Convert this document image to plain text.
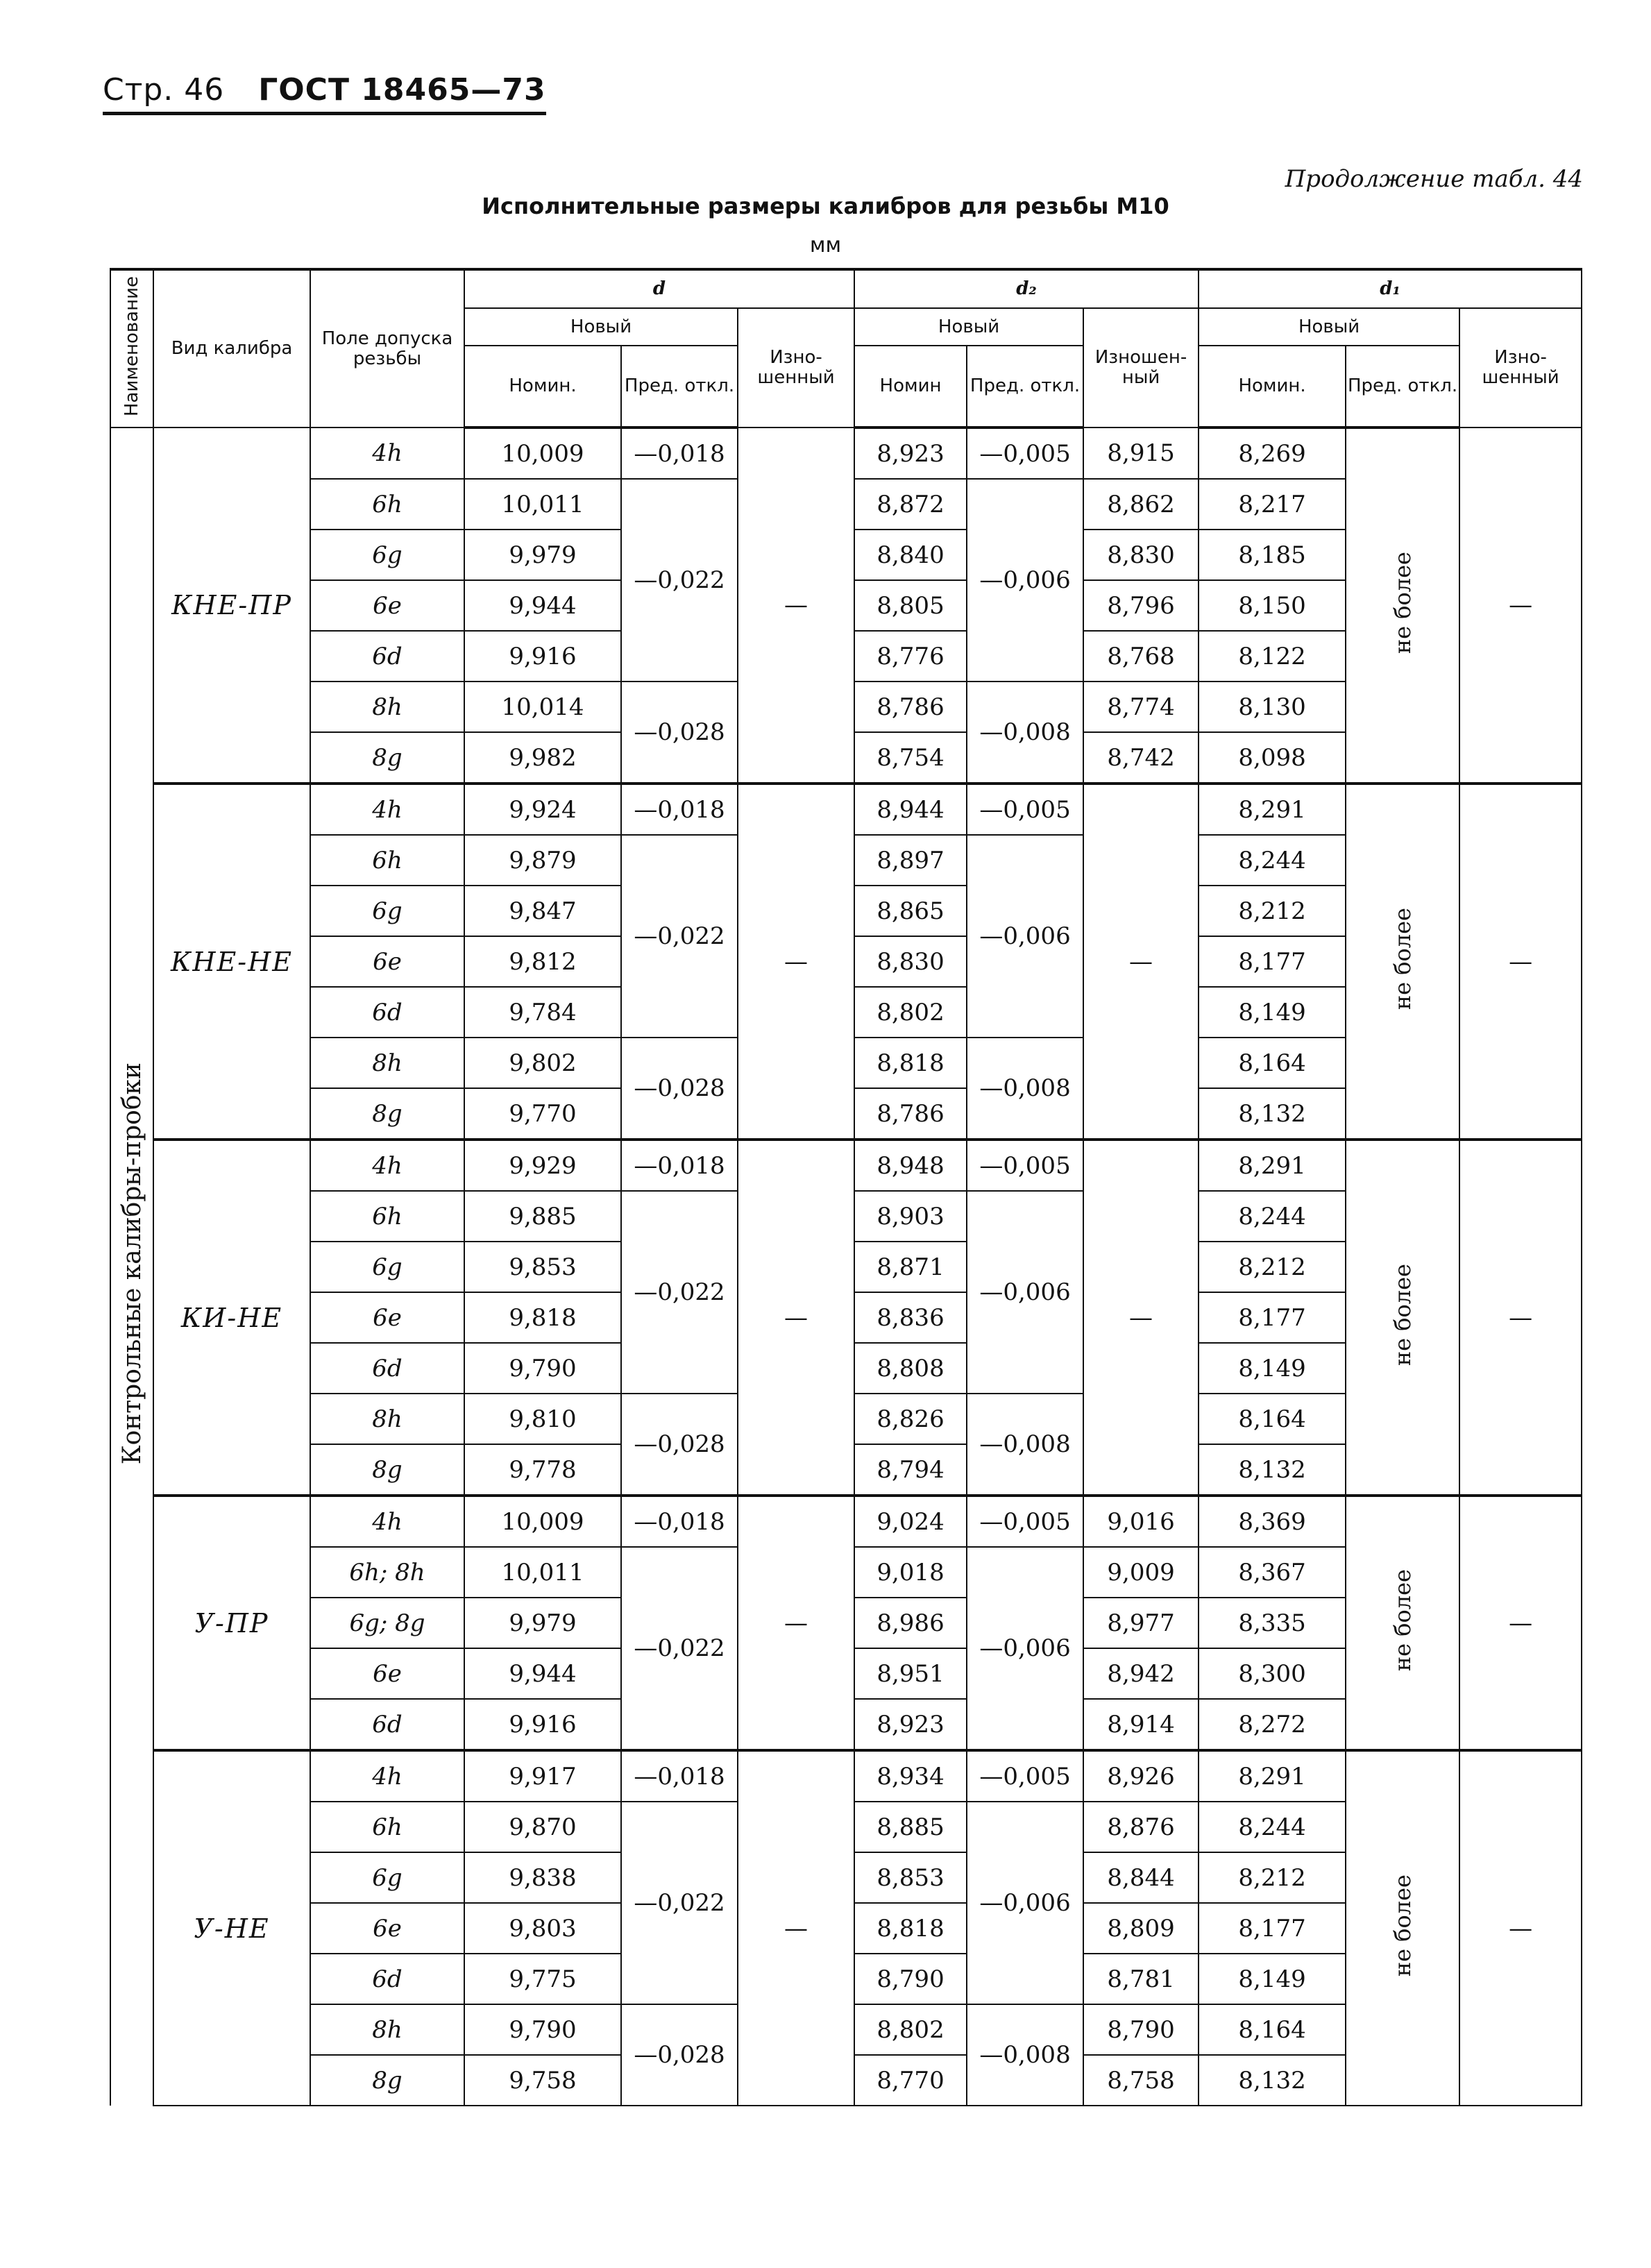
Стр. 46 ГОСТ 18465—73
Продолжение табл. 44
Исполнительные размеры калибров для резьбы М10
мм
Наименование	Вид калибра	Поле допуска резьбы	d			d₂			d₁		
			Новый		Изно-шенный	Новый		Изношен-ный	Новый		Изно-шенный
			Номин.	Пред. откл.		Номин	Пред. откл.		Номин.	Пред. откл.	
Контрольные калибры-пробки	КНЕ-ПР	4h	10,009	—0,018	—	8,923	—0,005	8,915	8,269	не более	—
		6h	10,011	—0,022		8,872	—0,006	8,862	8,217		
		6g	9,979			8,840		8,830	8,185		
		6e	9,944			8,805		8,796	8,150		
		6d	9,916			8,776		8,768	8,122		
		8h	10,014	—0,028		8,786	—0,008	8,774	8,130		
		8g	9,982			8,754		8,742	8,098		
	КНЕ-НЕ	4h	9,924	—0,018	—	8,944	—0,005	—	8,291	не более	—
		6h	9,879	—0,022		8,897	—0,006		8,244		
		6g	9,847			8,865			8,212		
		6e	9,812			8,830			8,177		
		6d	9,784			8,802			8,149		
		8h	9,802	—0,028		8,818	—0,008		8,164		
		8g	9,770			8,786			8,132		
	КИ-НЕ	4h	9,929	—0,018	—	8,948	—0,005	—	8,291	не более	—
		6h	9,885	—0,022		8,903	—0,006		8,244		
		6g	9,853			8,871			8,212		
		6e	9,818			8,836			8,177		
		6d	9,790			8,808			8,149		
		8h	9,810	—0,028		8,826	—0,008		8,164		
		8g	9,778			8,794			8,132		
	У-ПР	4h	10,009	—0,018	—	9,024	—0,005	9,016	8,369	не более	—
		6h; 8h	10,011	—0,022		9,018	—0,006	9,009	8,367		
		6g; 8g	9,979			8,986		8,977	8,335		
		6e	9,944			8,951		8,942	8,300		
		6d	9,916			8,923		8,914	8,272		
	У-НЕ	4h	9,917	—0,018	—	8,934	—0,005	8,926	8,291	не более	—
		6h	9,870	—0,022		8,885	—0,006	8,876	8,244		
		6g	9,838			8,853		8,844	8,212		
		6e	9,803			8,818		8,809	8,177		
		6d	9,775			8,790		8,781	8,149		
		8h	9,790	—0,028		8,802	—0,008	8,790	8,164		
		8g	9,758			8,770		8,758	8,132		
